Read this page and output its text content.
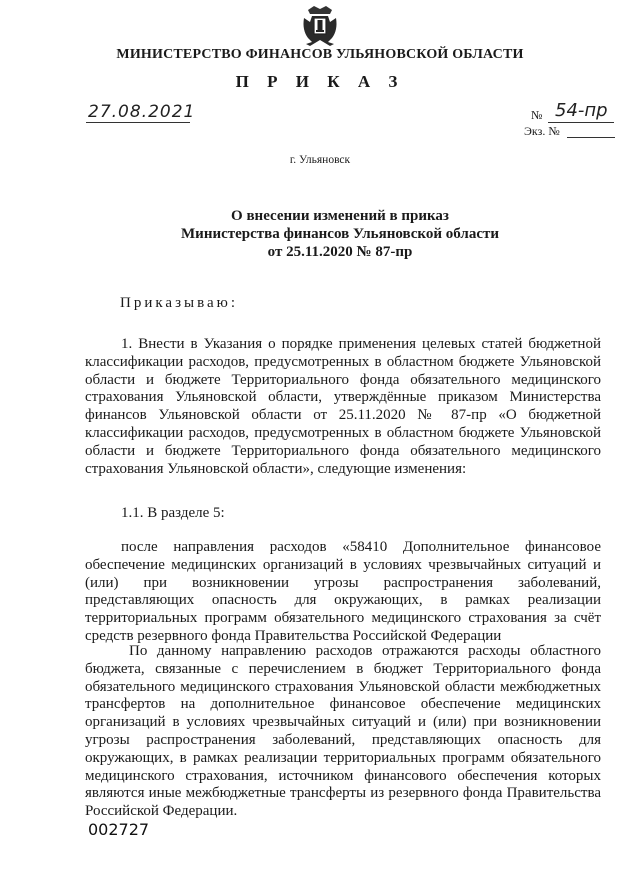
МИНИСТЕРСТВО ФИНАНСОВ УЛЬЯНОВСКОЙ ОБЛАСТИ
П Р И К А З
27.08.2021	№ 54-пр
Экз. №
г. Ульяновск
О внесении изменений в приказ
Министерства финансов Ульяновской области
от 25.11.2020 № 87-пр
Приказываю:
1. Внести в Указания о порядке применения целевых статей бюджетной классификации расходов, предусмотренных в областном бюджете Ульяновской области и бюджете Территориального фонда обязательного медицинского страхования Ульяновской области, утверждённые приказом Министерства финансов Ульяновской области от 25.11.2020 № 87-пр «О бюджетной классификации расходов, предусмотренных в областном бюджете Ульяновской области и бюджете Территориального фонда обязательного медицинского страхования Ульяновской области», следующие изменения:
1.1. В разделе 5:
после направления расходов «58410 Дополнительное финансовое обеспечение медицинских организаций в условиях чрезвычайных ситуаций и (или) при возникновении угрозы распространения заболеваний, представляющих опасность для окружающих, в рамках реализации территориальных программ обязательного медицинского страхования за счёт средств резервного фонда Правительства Российской Федерации
По данному направлению расходов отражаются расходы областного бюджета, связанные с перечислением в бюджет Территориального фонда обязательного медицинского страхования Ульяновской области межбюджетных трансфертов на дополнительное финансовое обеспечение медицинских организаций в условиях чрезвычайных ситуаций и (или) при возникновении угрозы распространения заболеваний, представляющих опасность для окружающих, в рамках реализации территориальных программ обязательного медицинского страхования, источником финансового обеспечения которых являются иные межбюджетные трансферты из резервного фонда Правительства Российской Федерации.
002727
